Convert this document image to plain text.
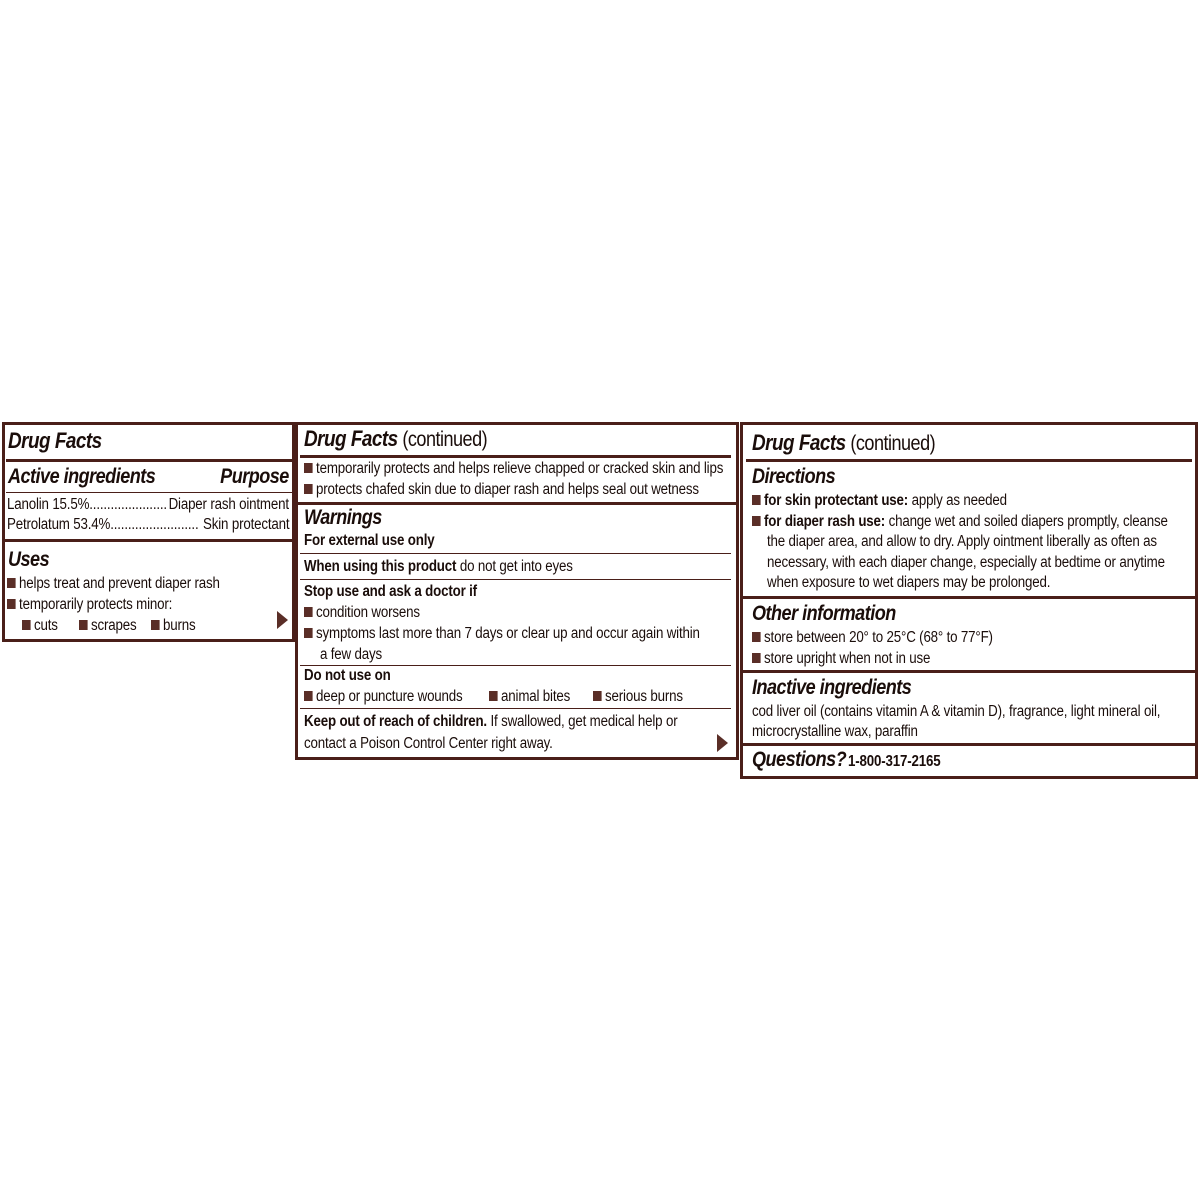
Drug Facts
Active ingredients	Purpose
Lanolin 15.5%...................... Diaper rash ointment
Petrolatum 53.4%......................... Skin protectant
Uses
helps treat and prevent diaper rash
temporarily protects minor:
cuts	scrapes	burns
Drug Facts (continued)
temporarily protects and helps relieve chapped or cracked skin and lips
protects chafed skin due to diaper rash and helps seal out wetness
Warnings
For external use only
When using this product do not get into eyes
Stop use and ask a doctor if
condition worsens
symptoms last more than 7 days or clear up and occur again within
a few days
Do not use on
deep or puncture wounds	animal bites	serious burns
Keep out of reach of children. If swallowed, get medical help or
contact a Poison Control Center right away.
Drug Facts (continued)
Directions
for skin protectant use: apply as needed
for diaper rash use: change wet and soiled diapers promptly, cleanse
the diaper area, and allow to dry. Apply ointment liberally as often as
necessary, with each diaper change, especially at bedtime or anytime
when exposure to wet diapers may be prolonged.
Other information
store between 20° to 25°C (68° to 77°F)
store upright when not in use
Inactive ingredients
cod liver oil (contains vitamin A & vitamin D), fragrance, light mineral oil,
microcrystalline wax, paraffin
Questions? 1-800-317-2165
